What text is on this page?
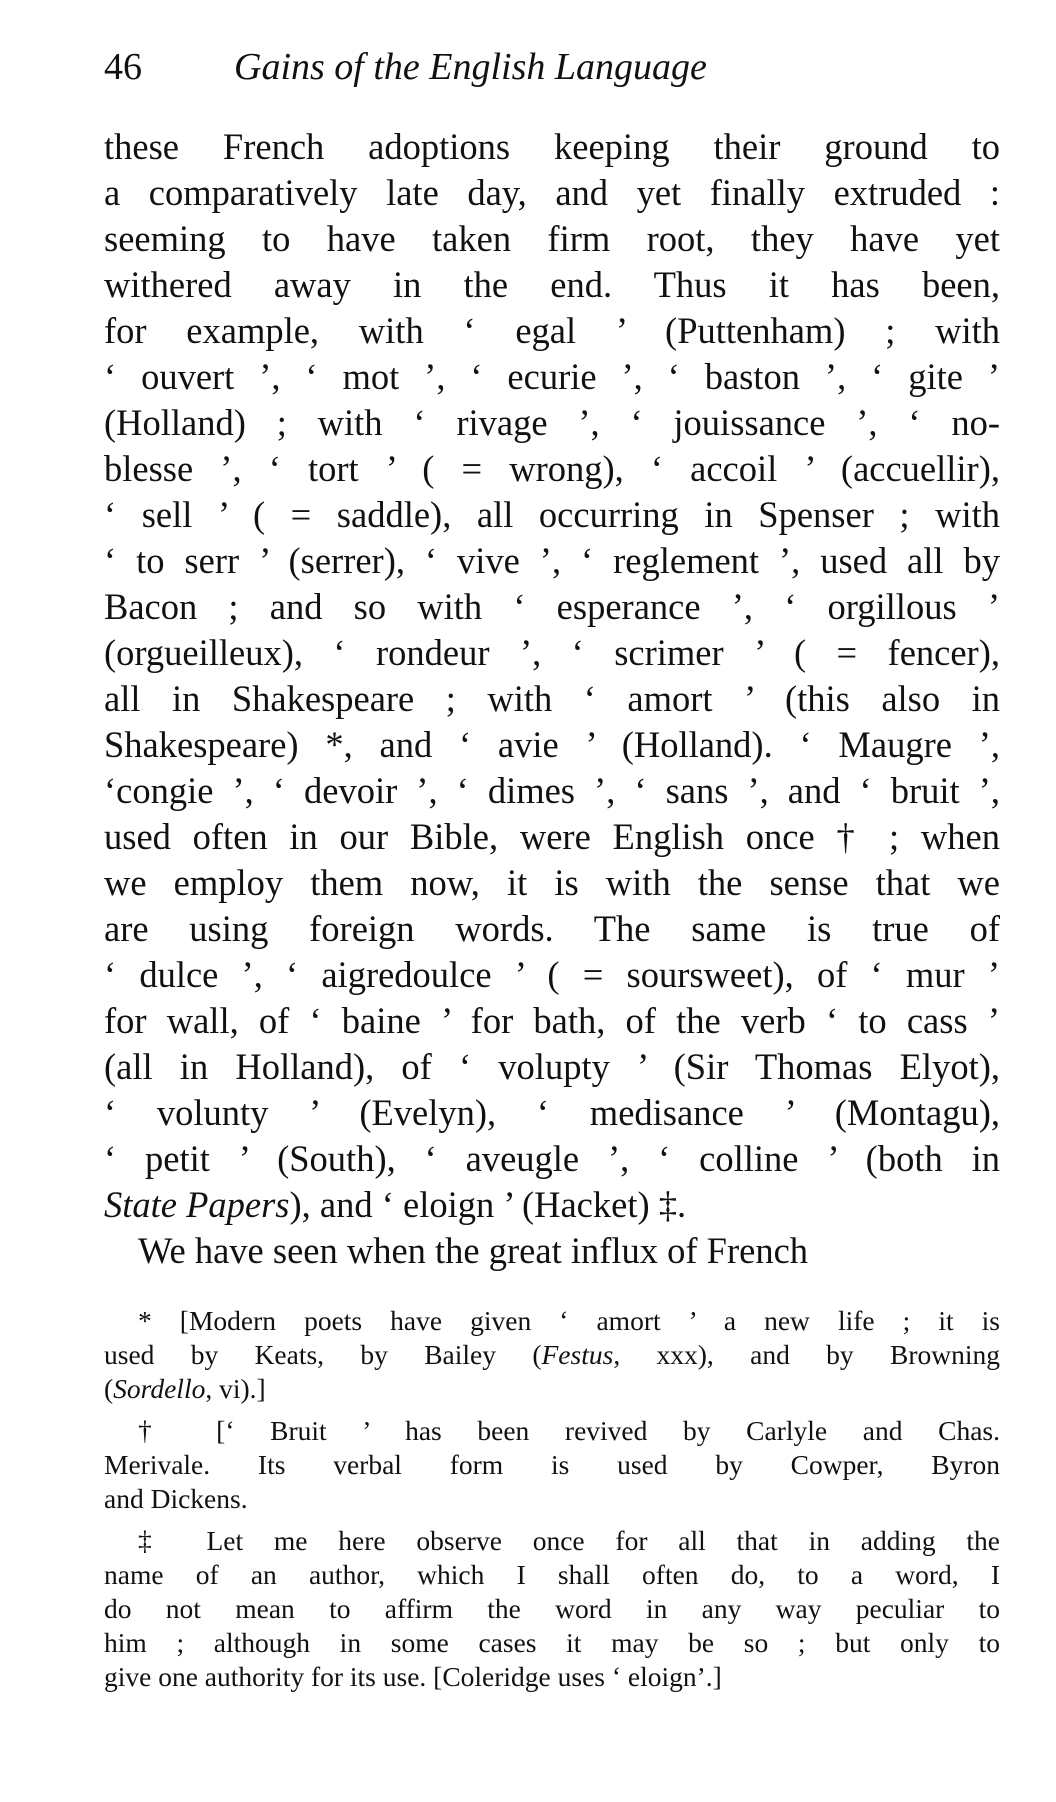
46 Gains of the English Language
these French adoptions keeping their ground to
a comparatively late day, and yet finally extruded :
seeming to have taken firm root, they have yet
withered away in the end. Thus it has been,
for example, with ‘ egal ’ (Puttenham) ; with
‘ ouvert ’, ‘ mot ’, ‘ ecurie ’, ‘ baston ’, ‘ gite ’
(Holland) ; with ‘ rivage ’, ‘ jouissance ’, ‘ no-
blesse ’, ‘ tort ’ ( = wrong), ‘ accoil ’ (accuellir),
‘ sell ’ ( = saddle), all occurring in Spenser ; with
‘ to serr ’ (serrer), ‘ vive ’, ‘ reglement ’, used all by
Bacon ; and so with ‘ esperance ’, ‘ orgillous ’
(orgueilleux), ‘ rondeur ’, ‘ scrimer ’ ( = fencer),
all in Shakespeare ; with ‘ amort ’ (this also in
Shakespeare) *, and ‘ avie ’ (Holland). ‘ Maugre ’,
‘congie ’, ‘ devoir ’, ‘ dimes ’, ‘ sans ’, and ‘ bruit ’,
used often in our Bible, were English once † ; when
we employ them now, it is with the sense that we
are using foreign words. The same is true of
‘ dulce ’, ‘ aigredoulce ’ ( = soursweet), of ‘ mur ’
for wall, of ‘ baine ’ for bath, of the verb ‘ to cass ’
(all in Holland), of ‘ volupty ’ (Sir Thomas Elyot),
‘ volunty ’ (Evelyn), ‘ medisance ’ (Montagu),
‘ petit ’ (South), ‘ aveugle ’, ‘ colline ’ (both in
State Papers), and ‘ eloign ’ (Hacket) ‡.
We have seen when the great influx of French
* [Modern poets have given ‘ amort ’ a new life ; it is
used by Keats, by Bailey (Festus, xxx), and by Browning
(Sordello, vi).]
† [‘ Bruit ’ has been revived by Carlyle and Chas.
Merivale. Its verbal form is used by Cowper, Byron
and Dickens.
‡ Let me here observe once for all that in adding the
name of an author, which I shall often do, to a word, I
do not mean to affirm the word in any way peculiar to
him ; although in some cases it may be so ; but only to
give one authority for its use. [Coleridge uses ‘ eloign’.]
